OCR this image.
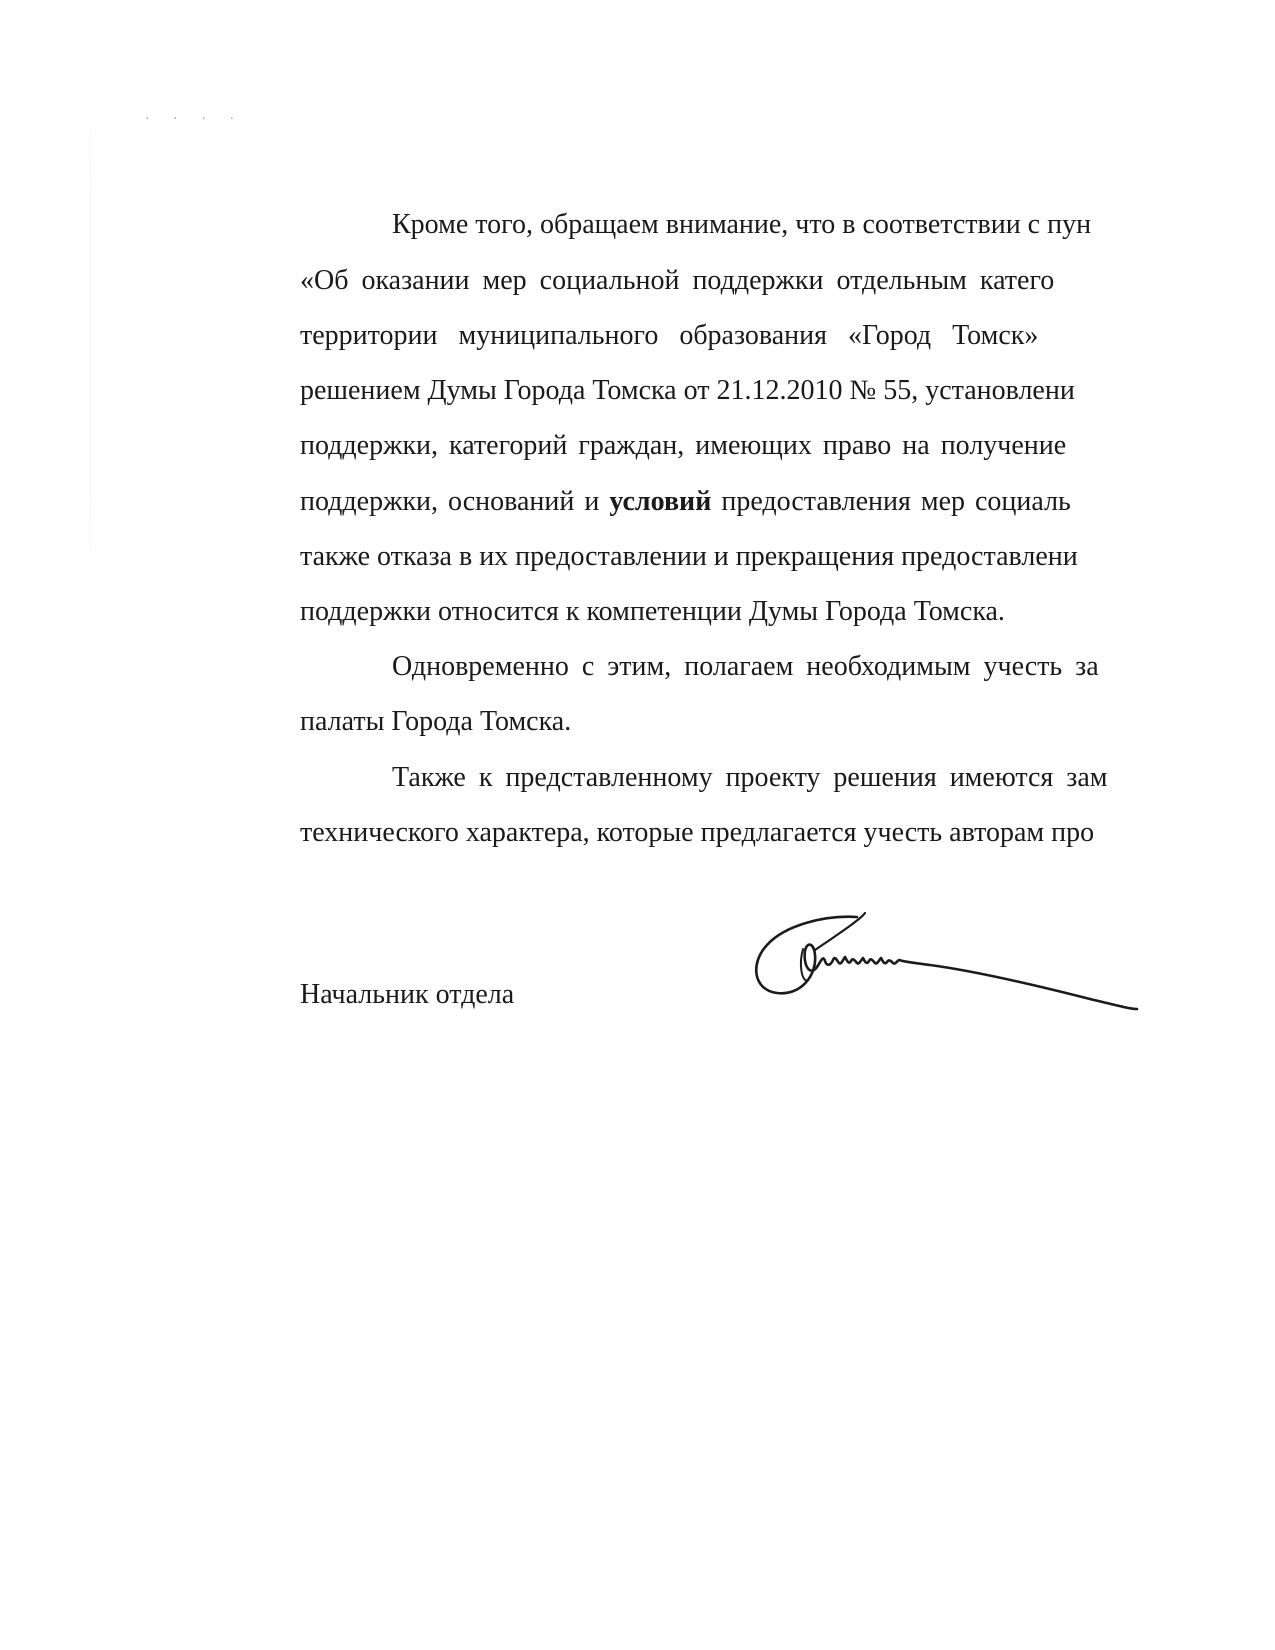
· · · ·
Кроме того, обращаем внимание, что в соответствии с пун
«Об оказании мер социальной поддержки отдельным катего
территории муниципального образования «Город Томск»
решением Думы Города Томска от 21.12.2010 № 55, установлени
поддержки, категорий граждан, имеющих право на получение
поддержки, оснований и условий предоставления мер социаль
также отказа в их предоставлении и прекращения предоставлени
поддержки относится к компетенции Думы Города Томска.
Одновременно с этим, полагаем необходимым учесть за
палаты Города Томска.
Также к представленному проекту решения имеются зам
технического характера, которые предлагается учесть авторам про
Начальник отдела
